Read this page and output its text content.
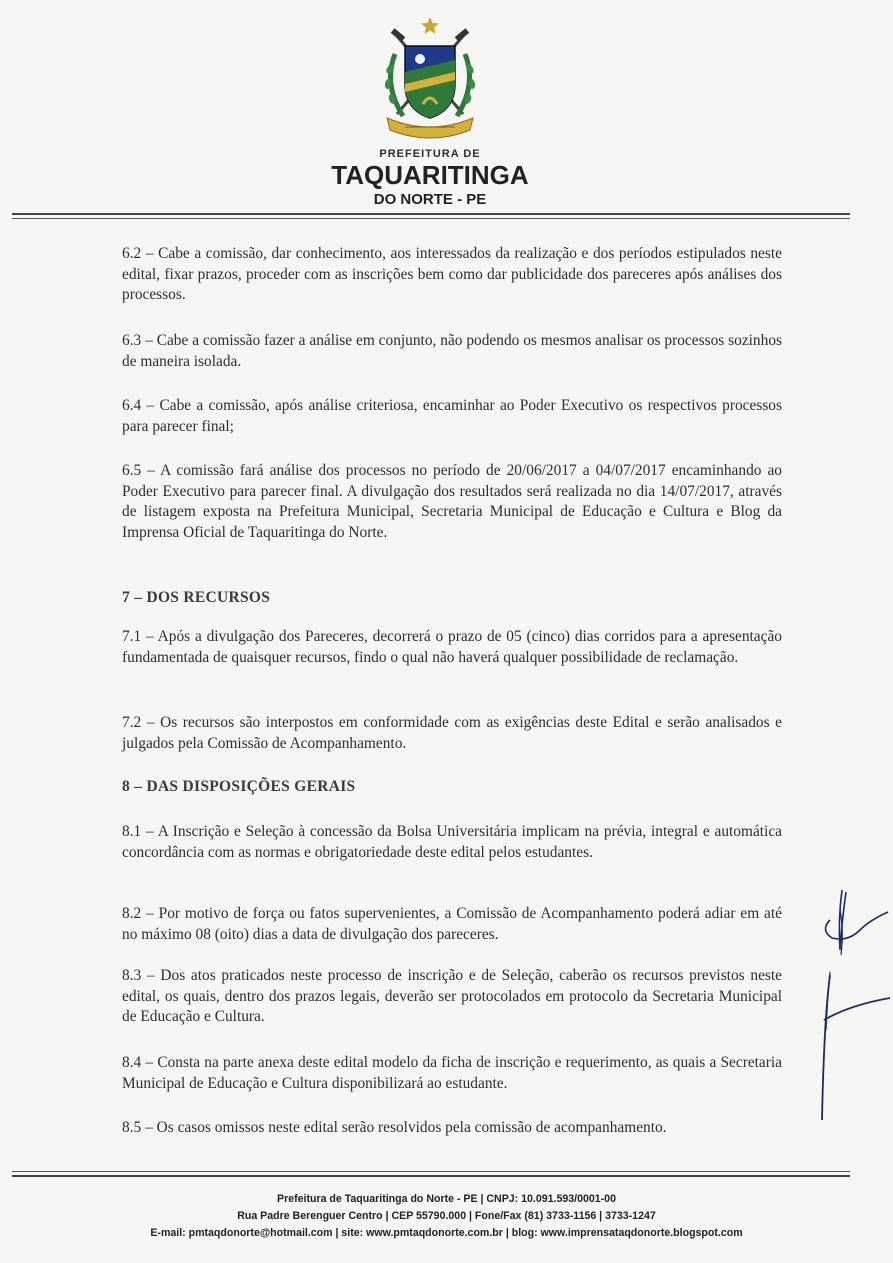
PREFEITURA DE
TAQUARITINGA
DO NORTE - PE
6.2 – Cabe a comissão, dar conhecimento, aos interessados da realização e dos períodos estipulados neste edital, fixar prazos, proceder com as inscrições bem como dar publicidade dos pareceres após análises dos processos.
6.3 – Cabe a comissão fazer a análise em conjunto, não podendo os mesmos analisar os processos sozinhos de maneira isolada.
6.4 – Cabe a comissão, após análise criteriosa, encaminhar ao Poder Executivo os respectivos processos para parecer final;
6.5 – A comissão fará análise dos processos no período de 20/06/2017 a 04/07/2017 encaminhando ao Poder Executivo para parecer final. A divulgação dos resultados será realizada no dia 14/07/2017, através de listagem exposta na Prefeitura Municipal, Secretaria Municipal de Educação e Cultura e Blog da Imprensa Oficial de Taquaritinga do Norte.
7 – DOS RECURSOS
7.1 – Após a divulgação dos Pareceres, decorrerá o prazo de 05 (cinco) dias corridos para a apresentação fundamentada de quaisquer recursos, findo o qual não haverá qualquer possibilidade de reclamação.
7.2 – Os recursos são interpostos em conformidade com as exigências deste Edital e serão analisados e julgados pela Comissão de Acompanhamento.
8 – DAS DISPOSIÇÕES GERAIS
8.1 – A Inscrição e Seleção à concessão da Bolsa Universitária implicam na prévia, integral e automática concordância com as normas e obrigatoriedade deste edital pelos estudantes.
8.2 – Por motivo de força ou fatos supervenientes, a Comissão de Acompanhamento poderá adiar em até no máximo 08 (oito) dias a data de divulgação dos pareceres.
8.3 – Dos atos praticados neste processo de inscrição e de Seleção, caberão os recursos previstos neste edital, os quais, dentro dos prazos legais, deverão ser protocolados em protocolo da Secretaria Municipal de Educação e Cultura.
8.4 – Consta na parte anexa deste edital modelo da ficha de inscrição e requerimento, as quais a Secretaria Municipal de Educação e Cultura disponibilizará ao estudante.
8.5 – Os casos omissos neste edital serão resolvidos pela comissão de acompanhamento.
Prefeitura de Taquaritinga do Norte - PE | CNPJ: 10.091.593/0001-00
Rua Padre Berenguer Centro | CEP 55790.000 | Fone/Fax (81) 3733-1156 | 3733-1247
E-mail: pmtaqdonorte@hotmail.com | site: www.pmtaqdonorte.com.br | blog: www.imprensataqdonorte.blogspot.com
